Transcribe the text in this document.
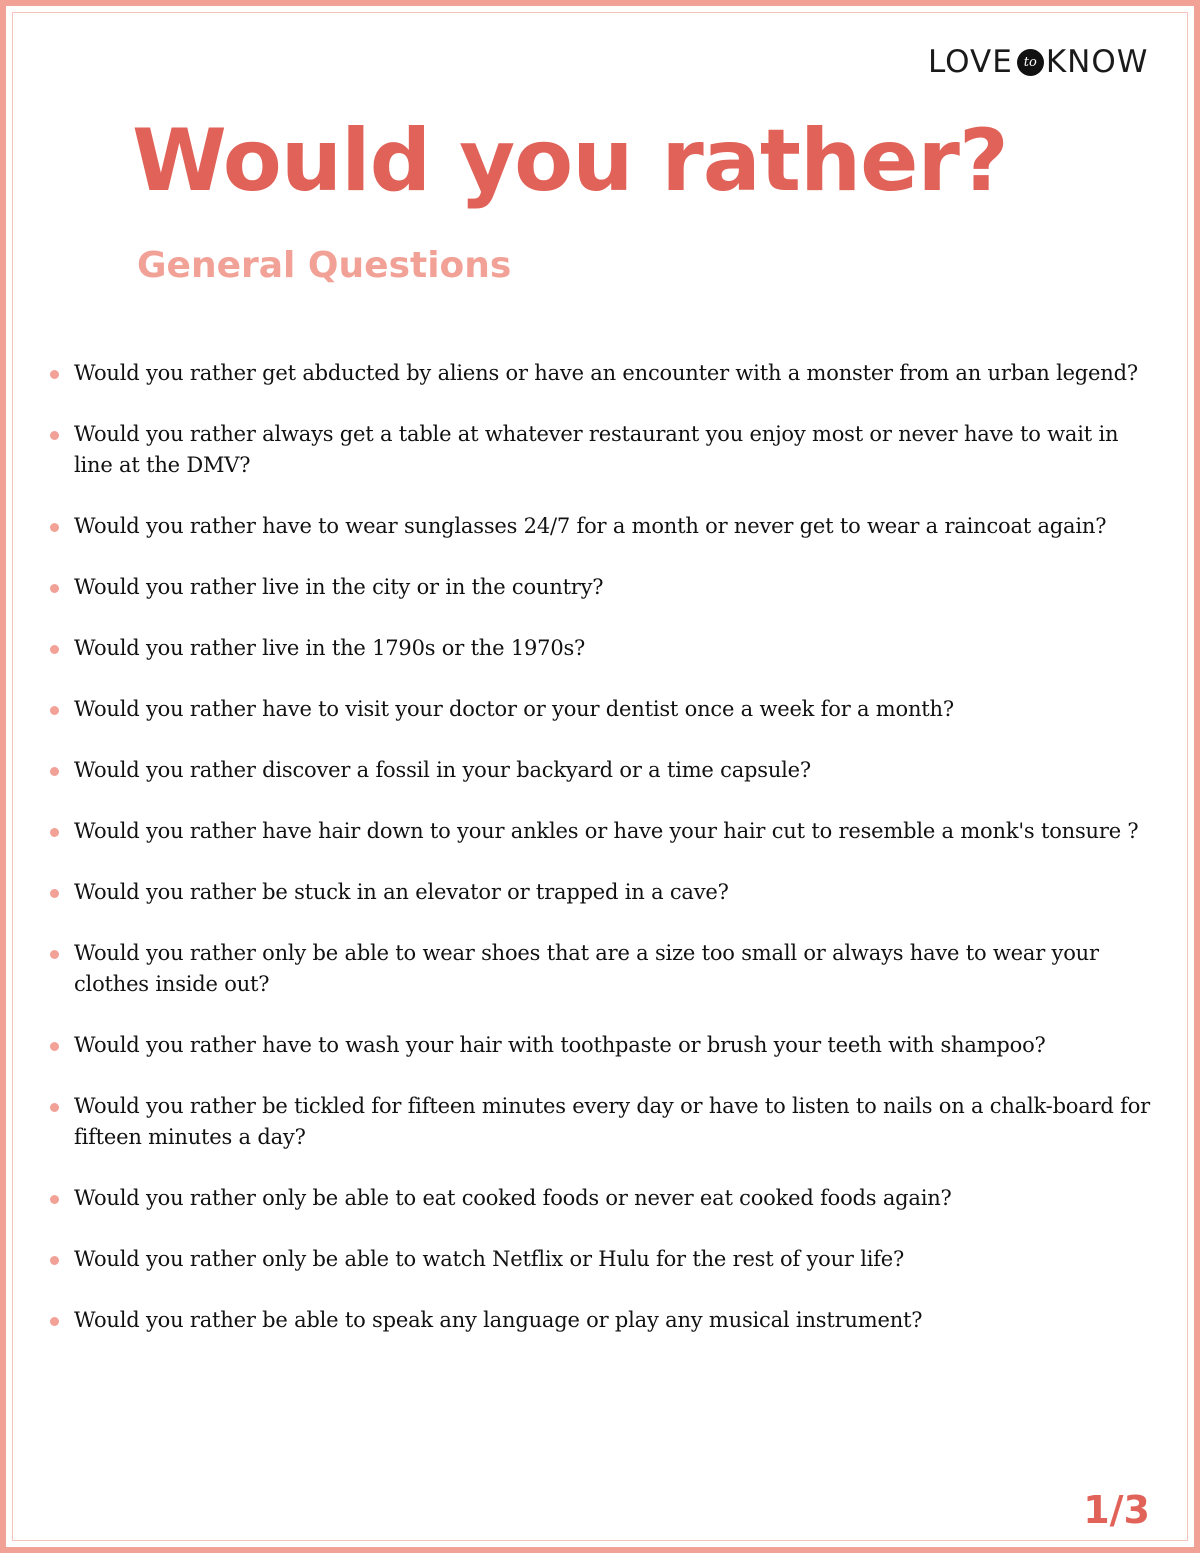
LOVE to KNOW
Would you rather?
General Questions
Would you rather get abducted by aliens or have an encounter with a monster from an urban legend?
Would you rather always get a table at whatever restaurant you enjoy most or never have to wait in line at the DMV?
Would you rather have to wear sunglasses 24/7 for a month or never get to wear a raincoat again?
Would you rather live in the city or in the country?
Would you rather live in the 1790s or the 1970s?
Would you rather have to visit your doctor or your dentist once a week for a month?
Would you rather discover a fossil in your backyard or a time capsule?
Would you rather have hair down to your ankles or have your hair cut to resemble a monk's tonsure ?
Would you rather be stuck in an elevator or trapped in a cave?
Would you rather only be able to wear shoes that are a size too small or always have to wear your clothes inside out?
Would you rather have to wash your hair with toothpaste or brush your teeth with shampoo?
Would you rather be tickled for fifteen minutes every day or have to listen to nails on a chalk-board for fifteen minutes a day?
Would you rather only be able to eat cooked foods or never eat cooked foods again?
Would you rather only be able to watch Netflix or Hulu for the rest of your life?
Would you rather be able to speak any language or play any musical instrument?
1/3
